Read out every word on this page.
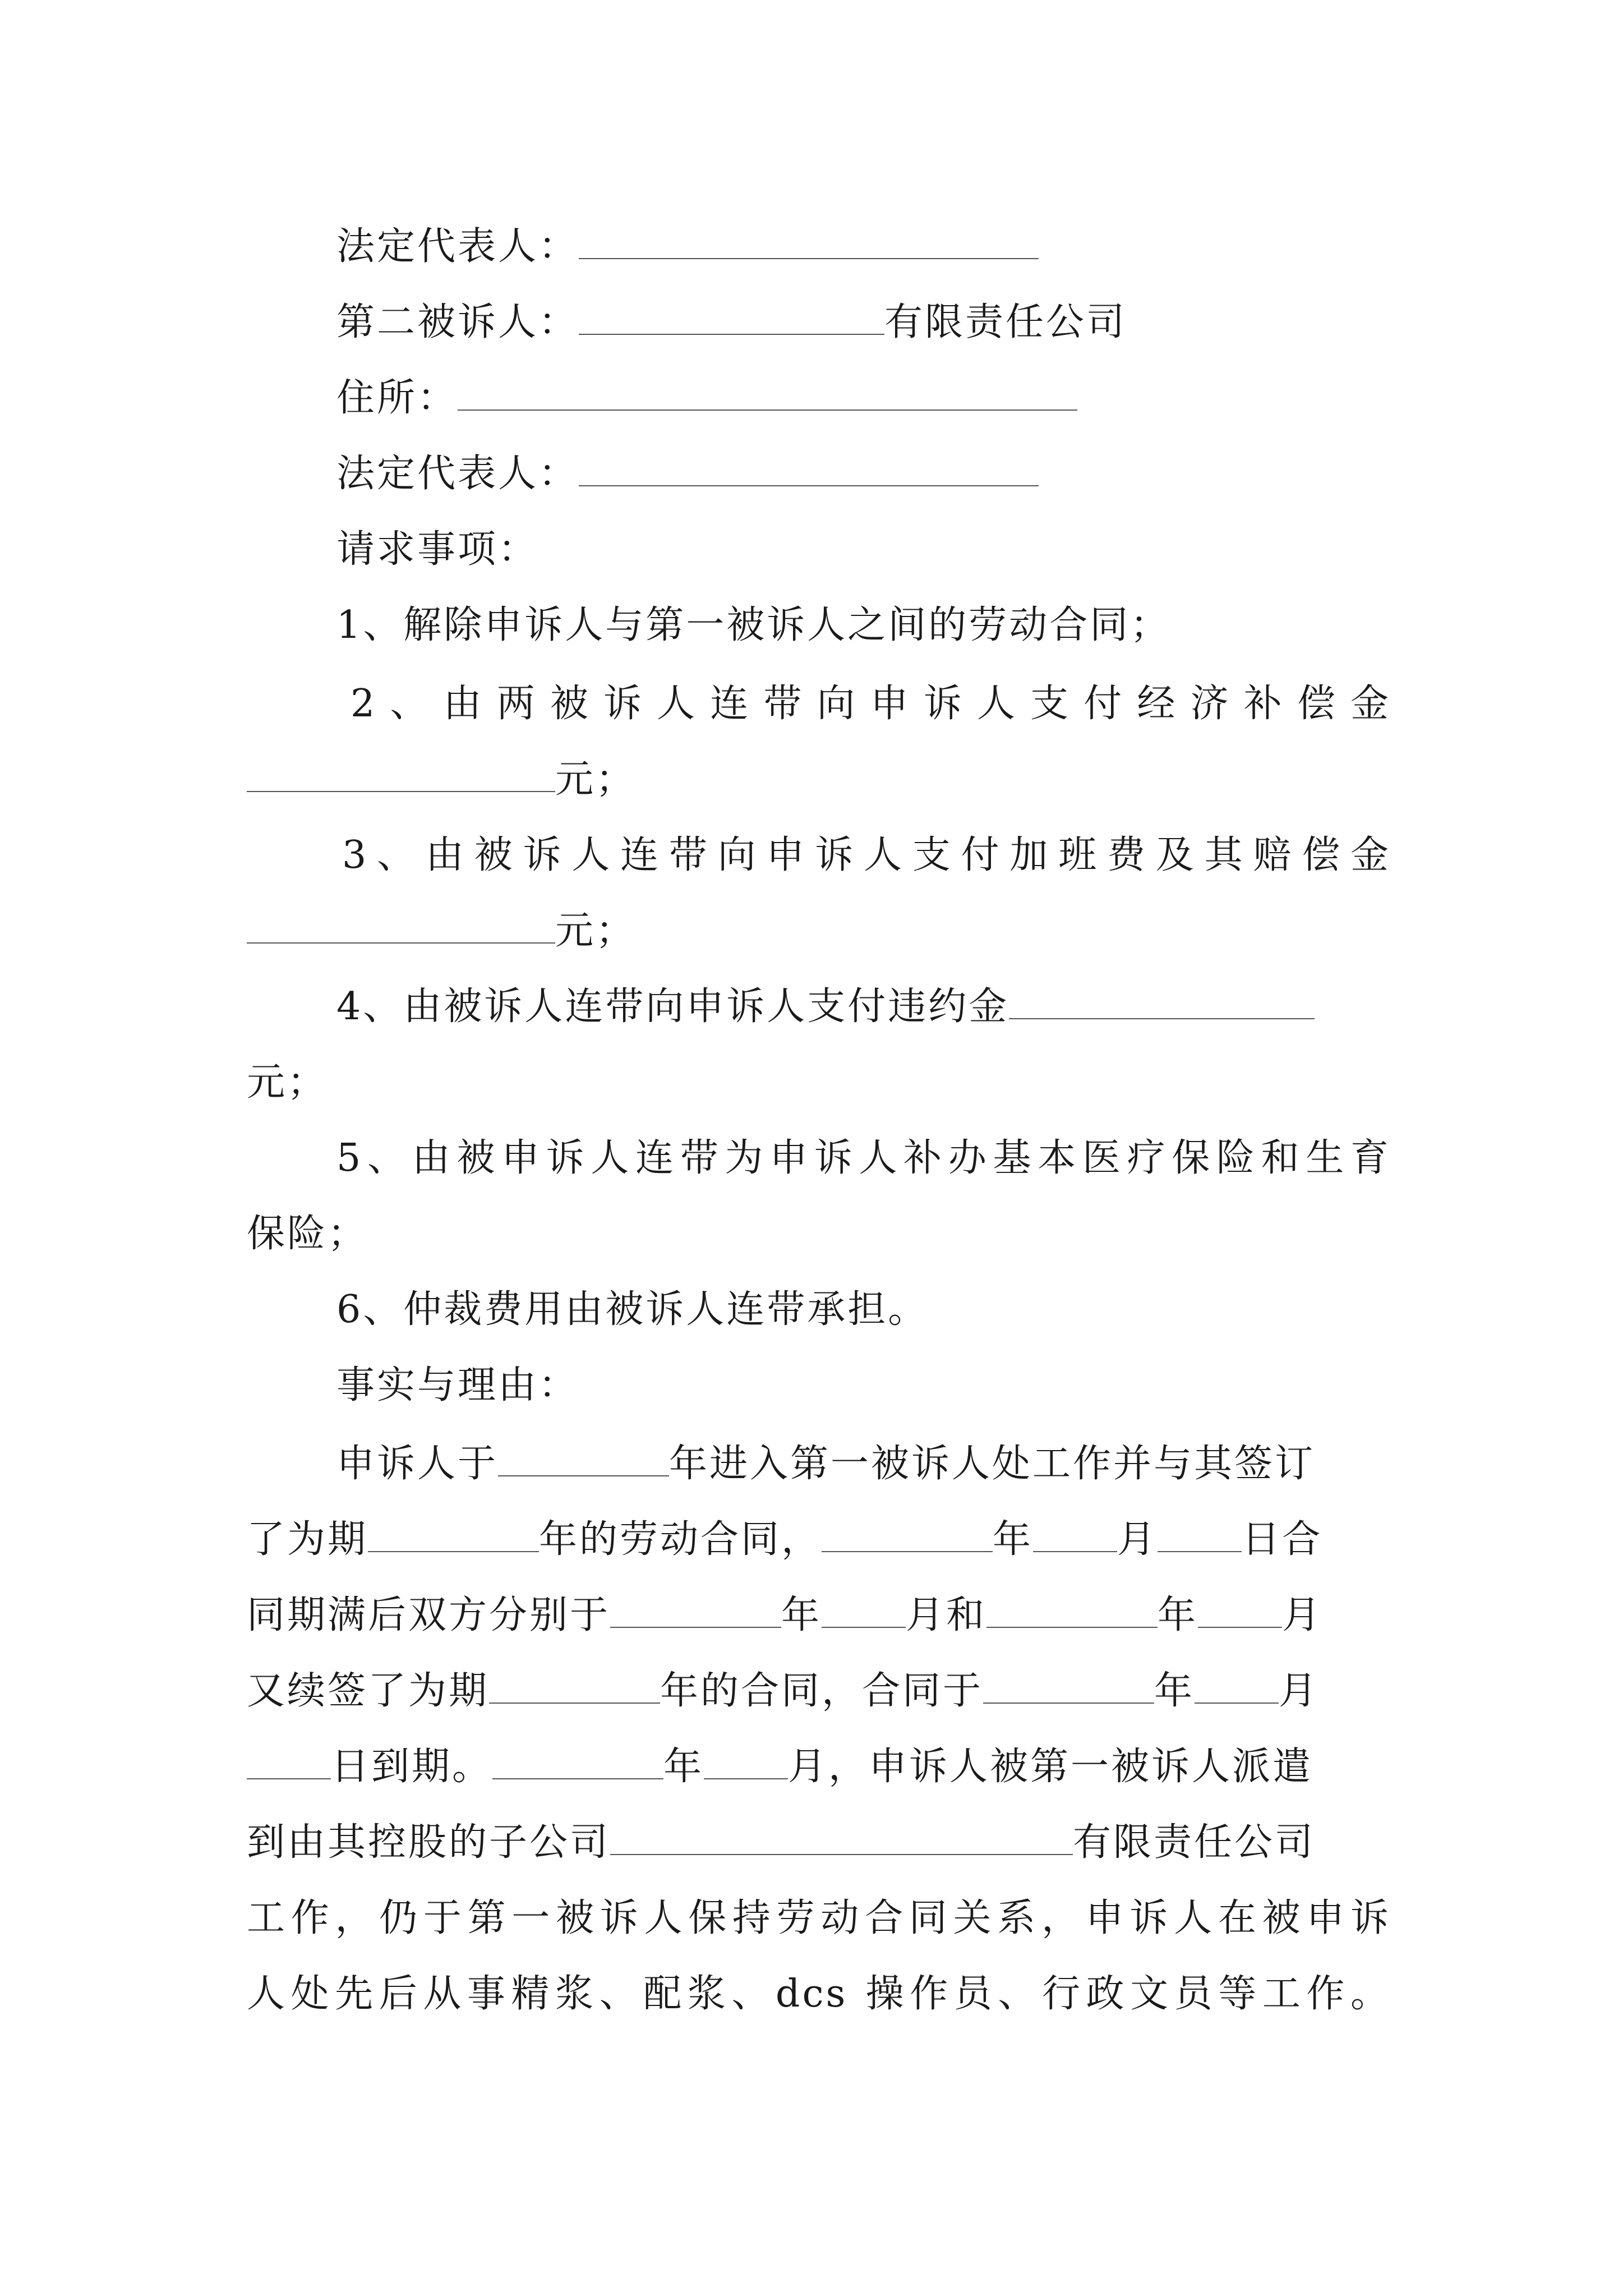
法定代表人：
第二被诉人：	有限责任公司
住所：
法定代表人：
请求事项：
1、解除申诉人与第一被诉人之间的劳动合同；
2、由两被诉人连带向申诉人支付经济补偿金
元；
3、由被诉人连带向申诉人支付加班费及其赔偿金
元；
4、由被诉人连带向申诉人支付违约金
元；
5、由被申诉人连带为申诉人补办基本医疗保险和生育
保险；
6、仲裁费用由被诉人连带承担。
事实与理由：
申诉人于	年进入第一被诉人处工作并与其签订
了为期	年的劳动合同，	年 月 日合
同期满后双方分别于	年 月和	年 月
又续签了为期	年的合同，合同于	年 月
日到期。	年 月，申诉人被第一被诉人派遣
到由其控股的子公司	有限责任公司
工作，仍于第一被诉人保持劳动合同关系，申诉人在被申诉
人处先后从事精浆、配浆、dcs 操作员、行政文员等工作。
